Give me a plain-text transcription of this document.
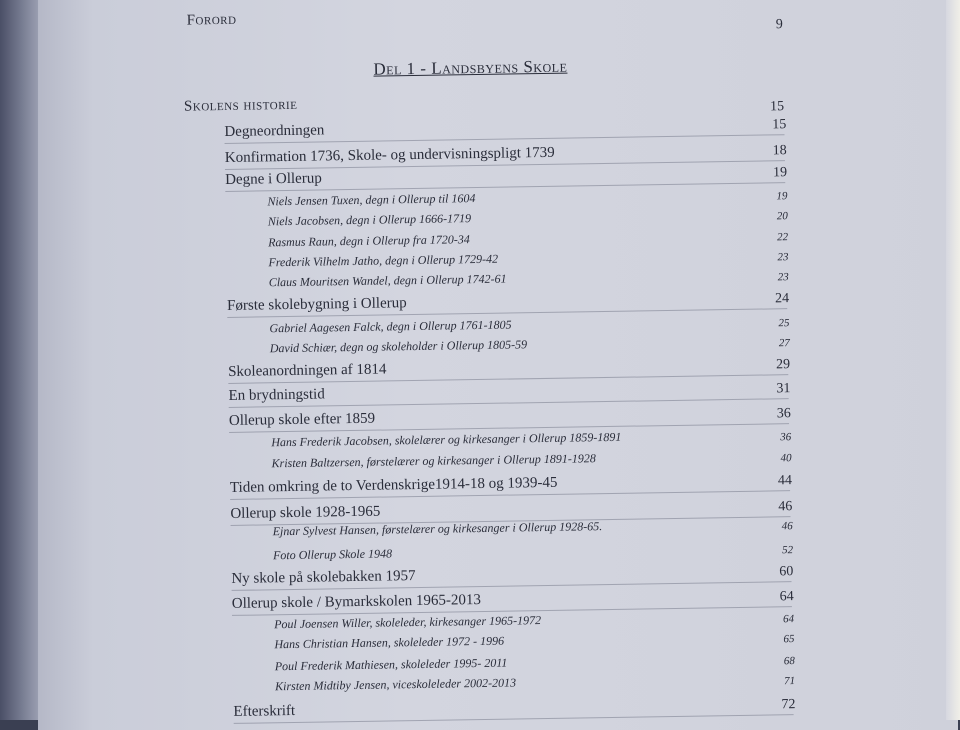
Forord	9
Del 1 - Landsbyens Skole
Skolens historie	15
Degneordningen	15
Konfirmation 1736, Skole- og undervisningspligt 1739	18
Degne i Ollerup	19
Niels Jensen Tuxen, degn i Ollerup til 1604	19
Niels Jacobsen, degn i Ollerup 1666-1719	20
Rasmus Raun, degn i Ollerup fra 1720-34	22
Frederik Vilhelm Jatho, degn i Ollerup 1729-42	23
Claus Mouritsen Wandel, degn i Ollerup 1742-61	23
Første skolebygning i Ollerup	24
Gabriel Aagesen Falck, degn i Ollerup 1761-1805	25
David Schiær, degn og skoleholder i Ollerup 1805-59	27
Skoleanordningen af 1814	29
En brydningstid	31
Ollerup skole efter 1859	36
Hans Frederik Jacobsen, skolelærer og kirkesanger i Ollerup 1859-1891	36
Kristen Baltzersen, førstelærer og kirkesanger i Ollerup 1891-1928	40
Tiden omkring de to Verdenskrige1914-18 og 1939-45	44
Ollerup skole 1928-1965	46
Ejnar Sylvest Hansen, førstelærer og kirkesanger i Ollerup 1928-65.	46
Foto Ollerup Skole 1948	52
Ny skole på skolebakken 1957	60
Ollerup skole / Bymarkskolen 1965-2013	64
Poul Joensen Willer, skoleleder, kirkesanger 1965-1972	64
Hans Christian Hansen, skoleleder 1972 - 1996	65
Poul Frederik Mathiesen, skoleleder 1995- 2011	68
Kirsten Midtiby Jensen, viceskoleleder 2002-2013	71
Efterskrift	72
